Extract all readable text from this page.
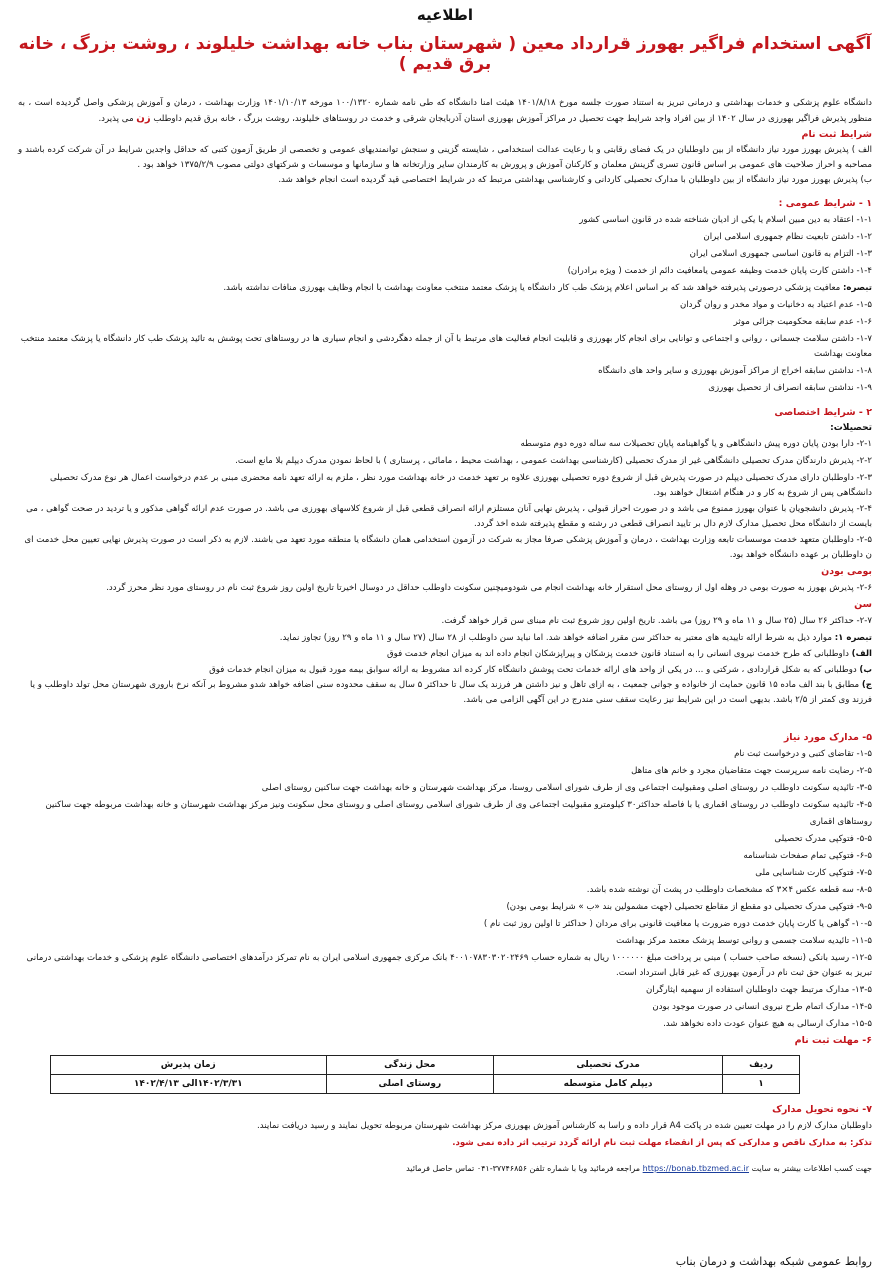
اطلاعیه
آگهی استخدام فراگیر بهورز قرارداد معین ( شهرستان بناب خانه بهداشت خلیلوند ، روشت بزرگ ، خانه برق قدیم )
دانشگاه علوم پزشکی و خدمات بهداشتی و درمانی تبریز به استناد صورت جلسه مورخ ۱۴۰۱/۸/۱۸ هیئت امنا دانشگاه که طی نامه شماره ۱۰۰/۱۳۲۰ مورخه ۱۴۰۱/۱۰/۱۳ وزارت بهداشت ، درمان و آموزش پزشکی واصل گردیده است ، به منظور پذیرش فراگیر بهورزی در سال ۱۴۰۲ از بین افراد واجد شرایط جهت تحصیل در مراکز آموزش بهورزی استان آذربایجان شرقی و خدمت در روستاهای خلیلوند، روشت بزرگ ، خانه برق قدیم داوطلب زن می پذیرد.
شرایط ثبت نام
الف ) پذیرش بهورز مورد نیاز دانشگاه از بین داوطلبان در یک فضای رقابتی و با رعایت عدالت استخدامی ، شایسته گزینی و سنجش توانمندیهای عمومی و تخصصی از طریق آزمون کتبی که حداقل واجدین شرایط در آن شرکت کرده باشند و مصاحبه و احراز صلاحیت های عمومی بر اساس قانون تسری گزینش معلمان و کارکنان آموزش و پرورش به کارمندان سایر وزارتخانه ها و سازمانها و موسسات و شرکتهای دولتی مصوب ۱۳۷۵/۲/۹ خواهد بود .
ب) پذیرش بهورز مورد نیاز دانشگاه از بین داوطلبان با مدارک تحصیلی کاردانی و کارشناسی بهداشتی مرتبط که در شرایط اختصاصی قید گردیده است انجام خواهد شد.
۱ - شرایط عمومی :
۱-۱- اعتقاد به دین مبین اسلام یا یکی از ادیان شناخته شده در قانون اساسی کشور
۱-۲- داشتن تابعیت نظام جمهوری اسلامی ایران
۱-۳- التزام به قانون اساسی جمهوری اسلامی ایران
۱-۴- داشتن کارت پایان خدمت وظیفه عمومی یامعافیت دائم از خدمت ( ویژه برادران)
تبصره: معافیت پزشکی درصورتی پذیرفته خواهد شد که بر اساس اعلام پزشک طب کار دانشگاه یا پزشک معتمد منتخب معاونت بهداشت با انجام وظایف بهورزی منافات نداشته باشد.
۱-۵- عدم اعتیاد به دخانیات و مواد مخدر و روان گردان
۱-۶- عدم سابقه محکومیت جزائی موثر
۱-۷- داشتن سلامت جسمانی ، روانی و اجتماعی و توانایی برای انجام کار بهورزی و قابلیت انجام فعالیت های مرتبط با آن از جمله دهگردشی و انجام سیاری ها در روستاهای تحت پوشش به تائید پزشک طب کار دانشگاه یا پزشک معتمد منتخب معاونت بهداشت
۱-۸- نداشتن سابقه اخراج از مراکز آموزش بهورزی و سایر واحد های دانشگاه
۱-۹- نداشتن سابقه انصراف از تحصیل بهورزی
۲ - شرایط اختصاصی
تحصیلات:
۲-۱- دارا بودن پایان دوره پیش دانشگاهی و یا گواهینامه پایان تحصیلات سه ساله دوره دوم متوسطه
۲-۲- پذیرش دارندگان مدرک تحصیلی دانشگاهی غیر از مدرک تحصیلی (کارشناسی بهداشت عمومی ، بهداشت محیط ، مامائی ، پرستاری ) با لحاظ نمودن مدرک دیپلم بلا مانع است.
۲-۳- داوطلبان دارای مدرک تحصیلی دیپلم در صورت پذیرش قبل از شروع دوره تحصیلی بهورزی علاوه بر تعهد خدمت در خانه بهداشت مورد نظر ، ملزم به ارائه تعهد نامه محضری مبنی بر عدم درخواست اعمال هر نوع مدرک تحصیلی دانشگاهی پس از شروع به کار و در هنگام اشتغال خواهند بود.
۲-۴- پذیرش دانشجویان با عنوان بهورز ممنوع می باشد و در صورت احراز قبولی ، پذیرش نهایی آنان مستلزم ارائه انصراف قطعی قبل از شروع کلاسهای بهورزی می باشد. در صورت عدم ارائه گواهی مذکور و یا تردید در صحت گواهی ، می بایست از دانشگاه محل تحصیل مدارک لازم دال بر تایید انصراف قطعی در رشته و مقطع پذیرفته شده اخذ گردد.
۲-۵- داوطلبان متعهد خدمت موسسات تابعه وزارت بهداشت ، درمان و آموزش پزشکی صرفا مجاز به شرکت در آزمون استخدامی همان دانشگاه یا منطقه مورد تعهد می باشند. لازم به ذکر است در صورت پذیرش نهایی تعیین محل خدمت ای ن داوطلبان بر عهده دانشگاه خواهد بود.
بومی بودن
۲-۶- پذیرش بهورز به صورت بومی در وهله اول از روستای محل استقرار خانه بهداشت انجام می شودومیچنین سکونت داوطلب حداقل در دوسال اخیرتا تاریخ اولین روز شروع ثبت نام در روستای مورد نظر محرز گردد.
سن
۲-۷- حداکثر ۲۶ سال (۲۵ سال و ۱۱ ماه و ۲۹ روز) می باشد. تاریخ اولین روز شروع ثبت نام مبنای سن قرار خواهد گرفت.
تبصره ۱: موارد ذیل به شرط ارائه تاییدیه های معتبر به حداکثر سن مقرر اضافه خواهد شد. اما نباید سن داوطلب از ۲۸ سال (۲۷ سال و ۱۱ ماه و ۲۹ روز) تجاوز نماید.
الف) داوطلبانی که طرح خدمت نیروی انسانی را به استناد قانون خدمت پزشکان و پیراپزشکان انجام داده اند به میزان انجام خدمت فوق
ب) دوطلبانی که به شکل قراردادی ، شرکتی و ... در یکی از واحد های ارائه خدمات تحت پوشش دانشگاه کار کرده اند مشروط به ارائه سوابق بیمه مورد قبول به میزان انجام خدمات فوق
ج) مطابق با بند الف ماده ۱۵ قانون حمایت از خانواده و جوانی جمعیت ، به ازای تاهل و نیز داشتن هر فرزند یک سال تا حداکثر ۵ سال به سقف محدوده سنی اضافه خواهد شدو مشروط بر آنکه نرخ باروری شهرستان محل تولد داوطلب و یا فرزند وی کمتر از ۲/۵ باشد. بدیهی است در این شرایط نیز رعایت سقف سنی مندرج در این آگهی الزامی می باشد.
۵- مدارک مورد نیاز
۱-۵- تقاضای کتبی و درخواست ثبت نام
۲-۵- رضایت نامه سرپرست جهت متقاضیان مجرد و خانم های متاهل
۳-۵- تائیدیه سکونت داوطلب در روستای اصلی ومقبولیت اجتماعی وی از طرف شورای اسلامی روستا، مرکز بهداشت شهرستان و خانه بهداشت جهت ساکنین روستای اصلی
۴-۵- تائیدیه سکونت داوطلب در روستای اقماری یا با فاصله حداکثر۳۰ کیلومترو مقبولیت اجتماعی وی از طرف شورای اسلامی روستای اصلی و روستای محل سکونت ونیز مرکز بهداشت شهرستان و خانه بهداشت مربوطه جهت ساکنین روستاهای اقماری
۵-۵- فتوکپی مدرک تحصیلی
۶-۵- فتوکپی تمام صفحات شناسنامه
۷-۵- فتوکپی کارت شناسایی ملی
۸-۵- سه قطعه عکس ۴×۳ که مشخصات داوطلب در پشت آن نوشته شده باشد.
۹-۵- فتوکپی مدرک تحصیلی دو مقطع از مقاطع تحصیلی (جهت مشمولین بند «ب » شرایط بومی بودن)
۱۰-۵- گواهی یا کارت پایان خدمت دوره ضرورت یا معافیت قانونی برای مردان ( حداکثر تا اولین روز ثبت نام )
۱۱-۵- تائیدیه سلامت جسمی و روانی توسط پزشک معتمد مرکز بهداشت
۱۲-۵- رسید بانکی (نسخه صاحب حساب ) مبنی بر پرداخت مبلغ ۱۰۰۰۰۰۰ ریال به شماره حساب ۴۰۰۱۰۷۸۳۰۳۰۲۰۲۴۶۹ بانک مرکزی جمهوری اسلامی ایران به نام تمرکز درآمدهای اختصاصی دانشگاه علوم پزشکی و خدمات بهداشتی درمانی تبریز به عنوان حق ثبت نام در آزمون بهورزی که غیر قابل استرداد است.
۱۳-۵- مدارک مرتبط جهت داوطلبان استفاده از سهمیه ایثارگران
۱۴-۵- مدارک اتمام طرح نیروی انسانی در صورت موجود بودن
۱۵-۵- مدارک ارسالی به هیچ عنوان عودت داده نخواهد شد.
۶- مهلت ثبت نام
ردیف	مدرک تحصیلی	محل زندگی	زمان پذیرش
۱	دیپلم کامل متوسطه	روستای اصلی	۱۴۰۲/۳/۳۱الی ۱۴۰۲/۴/۱۳
۷- نحوه تحویل مدارک
داوطلبان مدارک لازم را در مهلت تعیین شده در پاکت A4 قرار داده و راسا به کارشناس آموزش بهورزی مرکز بهداشت شهرستان مربوطه تحویل نمایند و رسید دریافت نمایند.
تذکر: به مدارک ناقص و مدارکی که پس از انقضاء مهلت ثبت نام ارائه گردد ترتیب اثر داده نمی شود.
جهت کسب اطلاعات بیشتر به سایت https://bonab.tbzmed.ac.ir مراجعه فرمائید ویا با شماره تلفن ۳۷۷۴۶۸۵۶-۰۴۱ تماس حاصل فرمائید
روابط عمومی شبکه بهداشت و درمان بناب
